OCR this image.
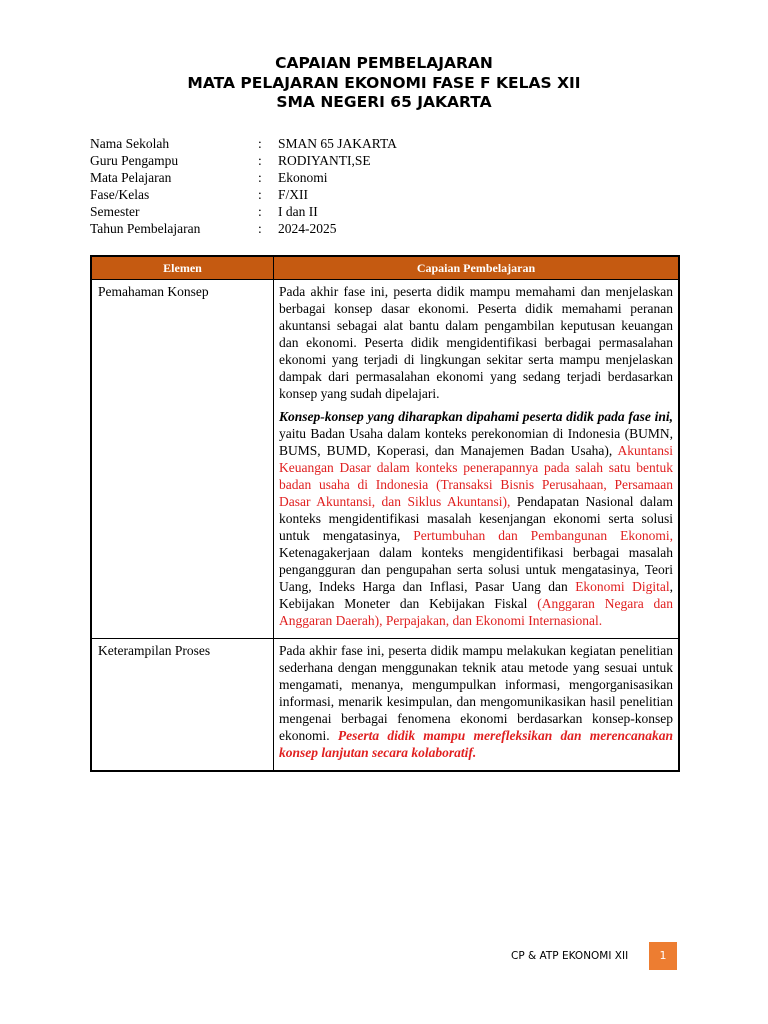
CAPAIAN PEMBELAJARAN
MATA PELAJARAN EKONOMI FASE F KELAS XII
SMA NEGERI 65 JAKARTA
Nama Sekolah	: SMAN 65 JAKARTA
Guru Pengampu	: RODIYANTI,SE
Mata Pelajaran	: Ekonomi
Fase/Kelas	: F/XII
Semester	: I dan II
Tahun Pembelajaran	: 2024-2025
Elemen	Capaian Pembelajaran
Pemahaman Konsep	Pada akhir fase ini, peserta didik mampu memahami dan menjelaskan berbagai konsep dasar ekonomi. Peserta didik memahami peranan akuntansi sebagai alat bantu dalam pengambilan keputusan keuangan dan ekonomi. Peserta didik mengidentifikasi berbagai permasalahan ekonomi yang terjadi di lingkungan sekitar serta mampu menjelaskan dampak dari permasalahan ekonomi yang sedang terjadi berdasarkan konsep yang sudah dipelajari.

Konsep-konsep yang diharapkan dipahami peserta didik pada fase ini, yaitu Badan Usaha dalam konteks perekonomian di Indonesia (BUMN, BUMS, BUMD, Koperasi, dan Manajemen Badan Usaha), Akuntansi Keuangan Dasar dalam konteks penerapannya pada salah satu bentuk badan usaha di Indonesia (Transaksi Bisnis Perusahaan, Persamaan Dasar Akuntansi, dan Siklus Akuntansi), Pendapatan Nasional dalam konteks mengidentifikasi masalah kesenjangan ekonomi serta solusi untuk mengatasinya, Pertumbuhan dan Pembangunan Ekonomi, Ketenagakerjaan dalam konteks mengidentifikasi berbagai masalah pengangguran dan pengupahan serta solusi untuk mengatasinya, Teori Uang, Indeks Harga dan Inflasi, Pasar Uang dan Ekonomi Digital, Kebijakan Moneter dan Kebijakan Fiskal (Anggaran Negara dan Anggaran Daerah), Perpajakan, dan Ekonomi Internasional.

Keterampilan Proses	Pada akhir fase ini, peserta didik mampu melakukan kegiatan penelitian sederhana dengan menggunakan teknik atau metode yang sesuai untuk mengamati, menanya, mengumpulkan informasi, mengorganisasikan informasi, menarik kesimpulan, dan mengomunikasikan hasil penelitian mengenai berbagai fenomena ekonomi berdasarkan konsep-konsep ekonomi. Peserta didik mampu merefleksikan dan merencanakan konsep lanjutan secara kolaboratif.

CP & ATP EKONOMI XII	1
